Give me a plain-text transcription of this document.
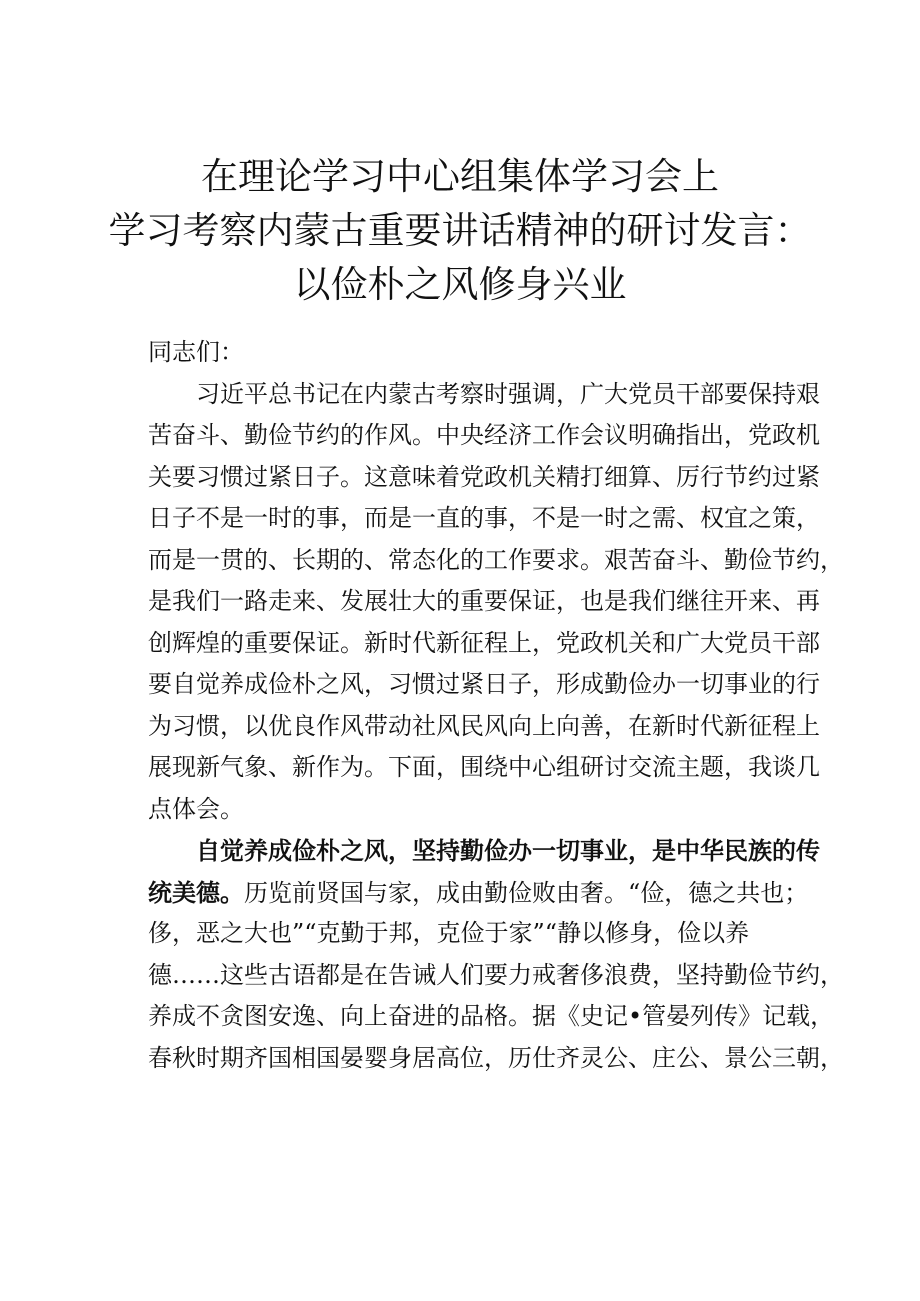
在理论学习中心组集体学习会上
学习考察内蒙古重要讲话精神的研讨发言：
以俭朴之风修身兴业
同志们：
习近平总书记在内蒙古考察时强调，广大党员干部要保持艰
苦奋斗、勤俭节约的作风。中央经济工作会议明确指出，党政机
关要习惯过紧日子。这意味着党政机关精打细算、厉行节约过紧
日子不是一时的事，而是一直的事，不是一时之需、权宜之策，
而是一贯的、长期的、常态化的工作要求。艰苦奋斗、勤俭节约，
是我们一路走来、发展壮大的重要保证，也是我们继往开来、再
创辉煌的重要保证。新时代新征程上，党政机关和广大党员干部
要自觉养成俭朴之风，习惯过紧日子，形成勤俭办一切事业的行
为习惯，以优良作风带动社风民风向上向善，在新时代新征程上
展现新气象、新作为。下面，围绕中心组研讨交流主题，我谈几
点体会。
自觉养成俭朴之风，坚持勤俭办一切事业，是中华民族的传
统美德。历览前贤国与家，成由勤俭败由奢。“俭，德之共也；
侈，恶之大也”“克勤于邦，克俭于家”“静以修身，俭以养
德……这些古语都是在告诫人们要力戒奢侈浪费，坚持勤俭节约，
养成不贪图安逸、向上奋进的品格。据《史记•管晏列传》记载，
春秋时期齐国相国晏婴身居高位，历仕齐灵公、庄公、景公三朝，
